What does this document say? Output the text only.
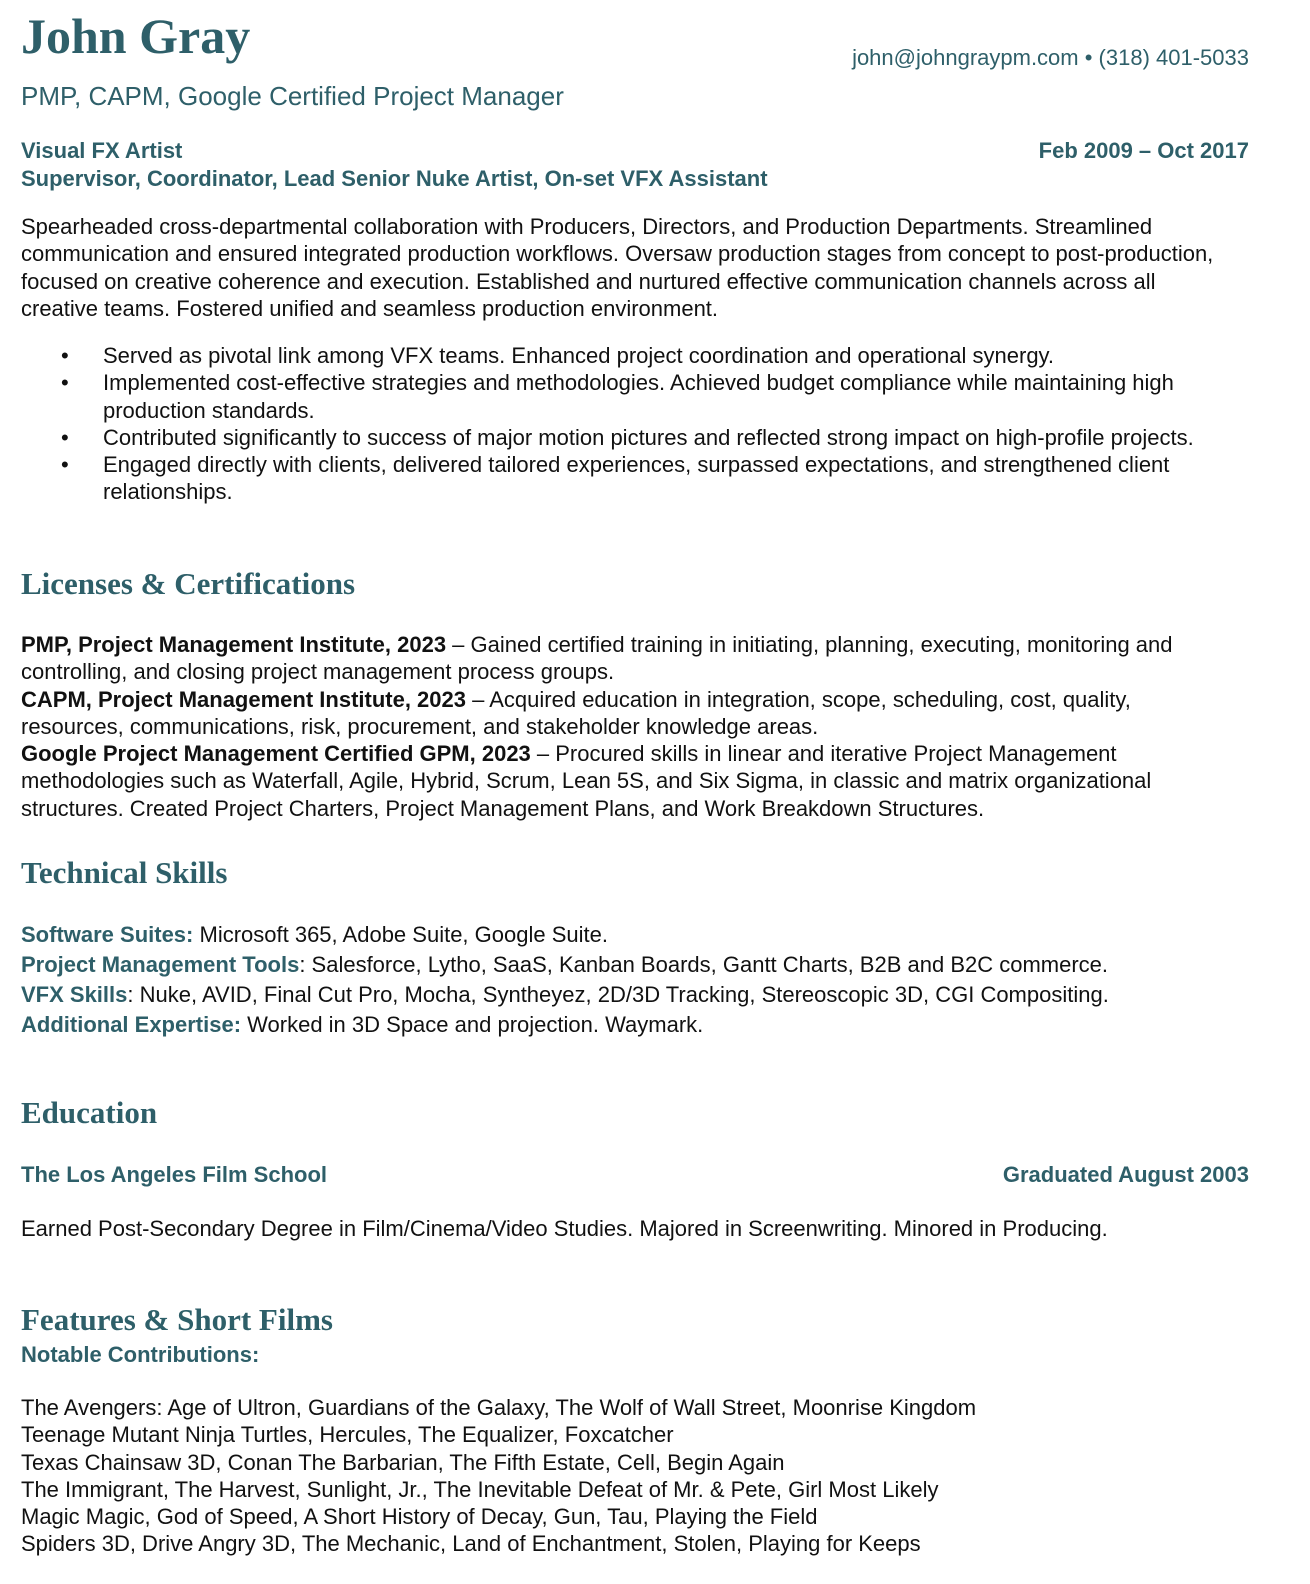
John Gray	john@johngraypm.com • (318) 401-5033
PMP, CAPM, Google Certified Project Manager
Visual FX Artist	Feb 2009 – Oct 2017
Supervisor, Coordinator, Lead Senior Nuke Artist, On-set VFX Assistant

Spearheaded cross-departmental collaboration with Producers, Directors, and Production Departments. Streamlined communication and ensured integrated production workflows. Oversaw production stages from concept to post-production, focused on creative coherence and execution. Established and nurtured effective communication channels across all creative teams. Fostered unified and seamless production environment.

• Served as pivotal link among VFX teams. Enhanced project coordination and operational synergy.
• Implemented cost-effective strategies and methodologies. Achieved budget compliance while maintaining high production standards.
• Contributed significantly to success of major motion pictures and reflected strong impact on high-profile projects.
• Engaged directly with clients, delivered tailored experiences, surpassed expectations, and strengthened client relationships.
Licenses & Certifications

PMP, Project Management Institute, 2023 – Gained certified training in initiating, planning, executing, monitoring and controlling, and closing project management process groups.

CAPM, Project Management Institute, 2023 – Acquired education in integration, scope, scheduling, cost, quality, resources, communications, risk, procurement, and stakeholder knowledge areas.

Google Project Management Certified GPM, 2023 – Procured skills in linear and iterative Project Management methodologies such as Waterfall, Agile, Hybrid, Scrum, Lean 5S, and Six Sigma, in classic and matrix organizational structures. Created Project Charters, Project Management Plans, and Work Breakdown Structures.

Technical Skills

Software Suites: Microsoft 365, Adobe Suite, Google Suite.

Project Management Tools: Salesforce, Lytho, SaaS, Kanban Boards, Gantt Charts, B2B and B2C commerce.

VFX Skills: Nuke, AVID, Final Cut Pro, Mocha, Syntheyez, 2D/3D Tracking, Stereoscopic 3D, CGI Compositing.

Additional Expertise: Worked in 3D Space and projection. Waymark.

Education
The Los Angeles Film School	Graduated August 2003

Earned Post-Secondary Degree in Film/Cinema/Video Studies. Majored in Screenwriting. Minored in Producing.

Features & Short Films
Notable Contributions:

The Avengers: Age of Ultron, Guardians of the Galaxy, The Wolf of Wall Street, Moonrise Kingdom

Teenage Mutant Ninja Turtles, Hercules, The Equalizer, Foxcatcher

Texas Chainsaw 3D, Conan The Barbarian, The Fifth Estate, Cell, Begin Again

The Immigrant, The Harvest, Sunlight, Jr., The Inevitable Defeat of Mr. & Pete, Girl Most Likely

Magic Magic, God of Speed, A Short History of Decay, Gun, Tau, Playing the Field

Spiders 3D, Drive Angry 3D, The Mechanic, Land of Enchantment, Stolen, Playing for Keeps
